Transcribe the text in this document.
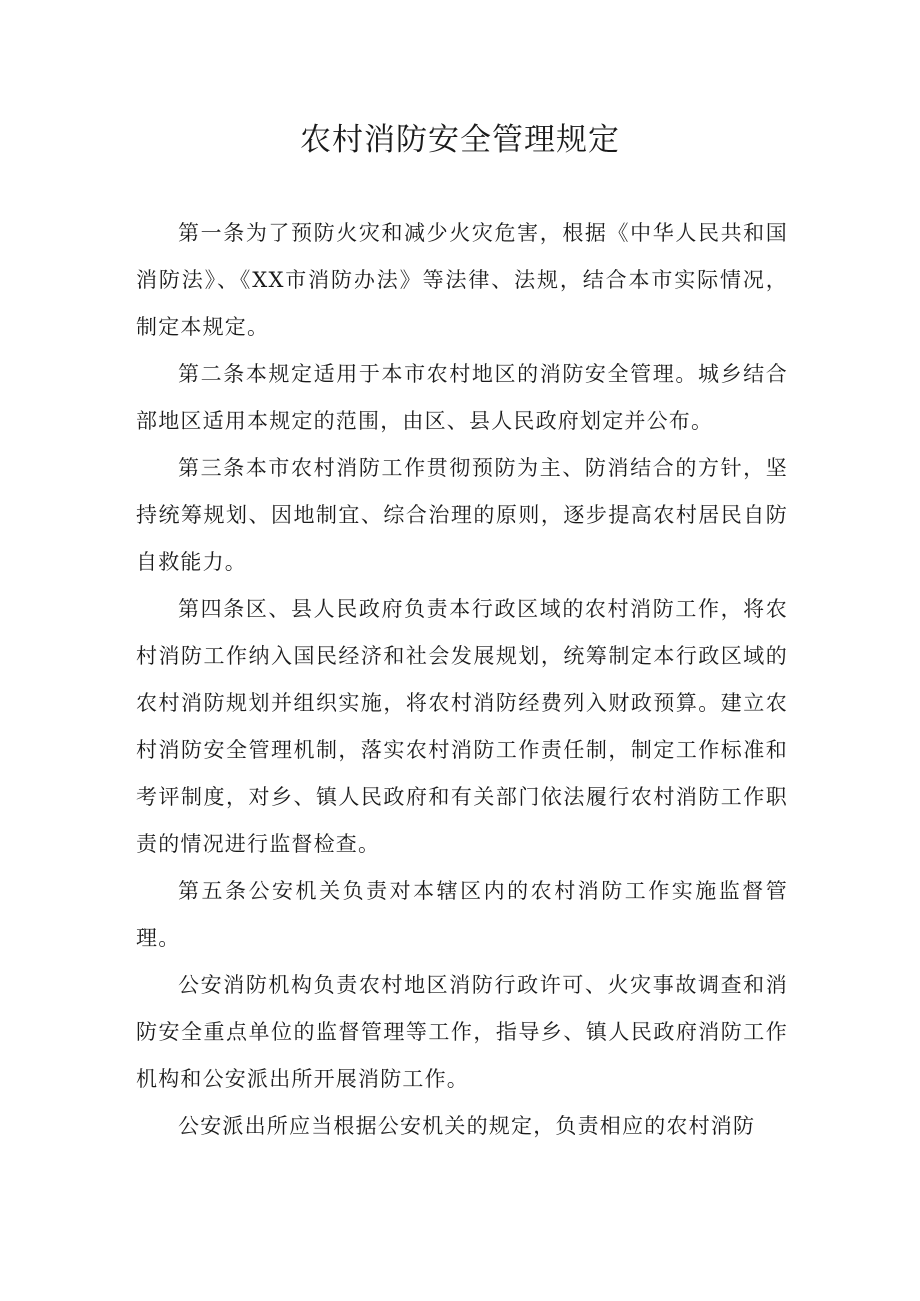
农村消防安全管理规定

第一条为了预防火灾和减少火灾危害，根据《中华人民共和国消防法》、《XX市消防办法》等法律、法规，结合本市实际情况，制定本规定。

第二条本规定适用于本市农村地区的消防安全管理。城乡结合部地区适用本规定的范围，由区、县人民政府划定并公布。

第三条本市农村消防工作贯彻预防为主、防消结合的方针，坚持统筹规划、因地制宜、综合治理的原则，逐步提高农村居民自防自救能力。

第四条区、县人民政府负责本行政区域的农村消防工作，将农村消防工作纳入国民经济和社会发展规划，统筹制定本行政区域的农村消防规划并组织实施，将农村消防经费列入财政预算。建立农村消防安全管理机制，落实农村消防工作责任制，制定工作标准和考评制度，对乡、镇人民政府和有关部门依法履行农村消防工作职责的情况进行监督检查。

第五条公安机关负责对本辖区内的农村消防工作实施监督管理。

公安消防机构负责农村地区消防行政许可、火灾事故调查和消防安全重点单位的监督管理等工作，指导乡、镇人民政府消防工作机构和公安派出所开展消防工作。

公安派出所应当根据公安机关的规定，负责相应的农村消防
